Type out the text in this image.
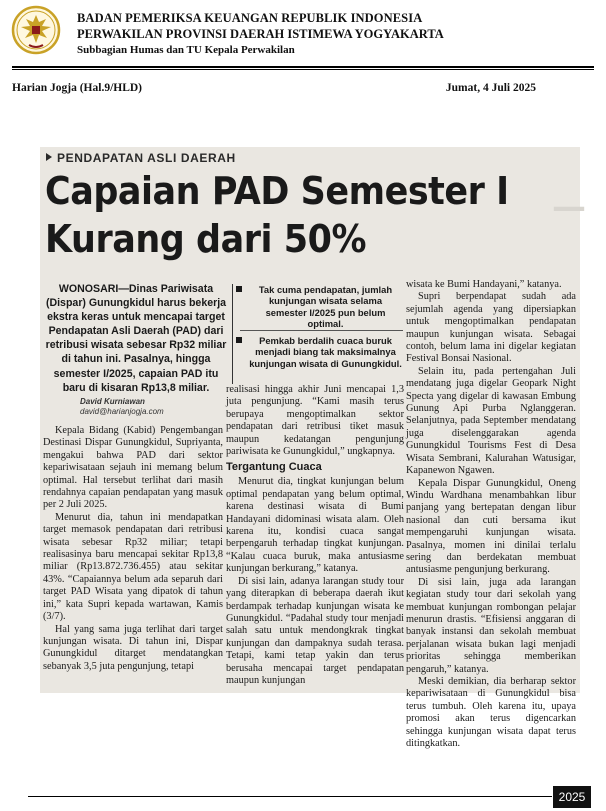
BADAN PEMERIKSA KEUANGAN REPUBLIK INDONESIA
PERWAKILAN PROVINSI DAERAH ISTIMEWA YOGYAKARTA
Subbagian Humas dan TU Kepala Perwakilan
Harian Jogja (Hal.9/HLD)	Jumat, 4 Juli 2025
—
PENDAPATAN ASLI DAERAH
Capaian PAD Semester I
Kurang dari 50%
WONOSARI—Dinas Pariwisata (Dispar) Gunungkidul harus bekerja ekstra keras untuk mencapai target Pendapatan Asli Daerah (PAD) dari retribusi wisata sebesar Rp32 miliar di tahun ini. Pasalnya, hingga semester I/2025, capaian PAD itu baru di kisaran Rp13,8 miliar.
David Kurniawan
david@harianjogja.com
Tak cuma pendapatan, jumlah kunjungan wisata selama semester I/2025 pun belum optimal.
Pemkab berdalih cuaca buruk menjadi biang tak maksimalnya kunjungan wisata di Gunungkidul.

Kepala Bidang (Kabid) Pengembangan Destinasi Dispar Gunungkidul, Supriyanta, mengakui bahwa PAD dari sektor kepariwisataan sejauh ini memang belum optimal. Hal tersebut terlihat dari masih rendahnya capaian pendapatan yang masuk per 2 Juli 2025.

Menurut dia, tahun ini mendapatkan target memasok pendapatan dari retribusi wisata sebesar Rp32 miliar; tetapi realisasinya baru mencapai sekitar Rp13,8 miliar (Rp13.872.736.455) atau sekitar 43%. “Capaiannya belum ada separuh dari target PAD Wisata yang dipatok di tahun ini,” kata Supri kepada wartawan, Kamis (3/7).

Hal yang sama juga terlihat dari target kunjungan wisata. Di tahun ini, Dispar Gunungkidul ditarget mendatangkan sebanyak 3,5 juta pengunjung, tetapi

realisasi hingga akhir Juni mencapai 1,3 juta pengunjung. “Kami masih terus berupaya mengoptimalkan sektor pendapatan dari retribusi tiket masuk maupun kedatangan pengunjung pariwisata ke Gunungkidul,” ungkapnya.

Tergantung Cuaca

Menurut dia, tingkat kunjungan belum optimal pendapatan yang belum optimal, karena destinasi wisata di Bumi Handayani didominasi wisata alam. Oleh karena itu, kondisi cuaca sangat berpengaruh terhadap tingkat kunjungan. “Kalau cuaca buruk, maka antusiasme kunjungan berkurang,” katanya.

Di sisi lain, adanya larangan study tour yang diterapkan di beberapa daerah ikut berdampak terhadap kunjungan wisata ke Gunungkidul. “Padahal study tour menjadi salah satu untuk mendongkrak tingkat kunjungan dan dampaknya sudah terasa. Tetapi, kami tetap yakin dan terus berusaha mencapai target pendapatan maupun kunjungan

wisata ke Bumi Handayani,” katanya.

Supri berpendapat sudah ada sejumlah agenda yang dipersiapkan untuk mengoptimalkan pendapatan maupun kunjungan wisata. Sebagai contoh, belum lama ini digelar kegiatan Festival Bonsai Nasional.

Selain itu, pada pertengahan Juli mendatang juga digelar Geopark Night Specta yang digelar di kawasan Embung Gunung Api Purba Nglanggeran. Selanjutnya, pada September mendatang juga diselenggarakan agenda Gunungkidul Tourisms Fest di Desa Wisata Sembrani, Kalurahan Watusigar, Kapanewon Ngawen.

Kepala Dispar Gunungkidul, Oneng Windu Wardhana menambahkan libur panjang yang bertepatan dengan libur nasional dan cuti bersama ikut mempengaruhi kunjungan wisata. Pasalnya, momen ini dinilai terlalu sering dan berdekatan membuat antusiasme pengunjung berkurang.

Di sisi lain, juga ada larangan kegiatan study tour dari sekolah yang membuat kunjungan rombongan pelajar menurun drastis. “Efisiensi anggaran di banyak instansi dan sekolah membuat perjalanan wisata bukan lagi menjadi prioritas sehingga memberikan pengaruh,” katanya.

Meski demikian, dia berharap sektor kepariwisataan di Gunungkidul bisa terus tumbuh. Oleh karena itu, upaya promosi akan terus digencarkan sehingga kunjungan wisata dapat terus ditingkatkan.

2025
